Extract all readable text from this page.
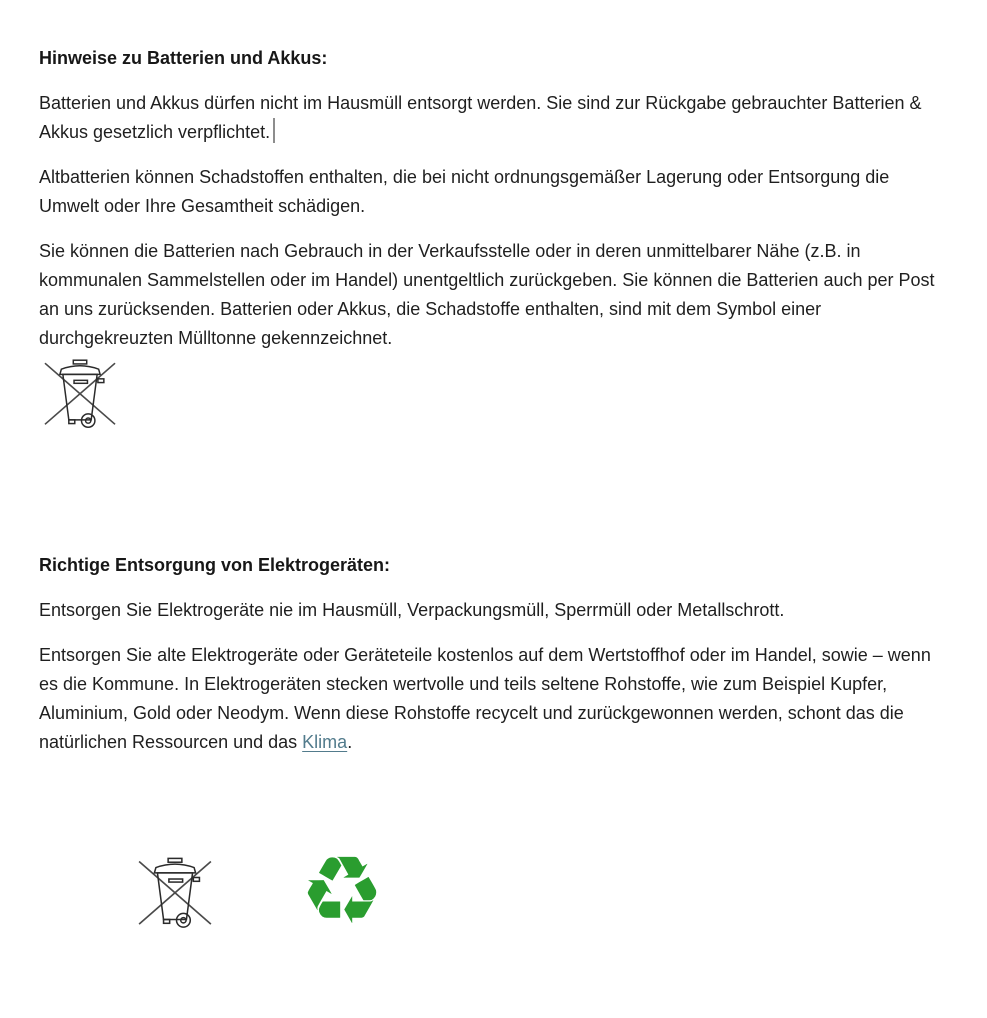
Hinweise zu Batterien und Akkus:

Batterien und Akkus dürfen nicht im Hausmüll entsorgt werden. Sie sind zur Rückgabe gebrauchter Batterien & Akkus gesetzlich verpflichtet.

Altbatterien können Schadstoffen enthalten, die bei nicht ordnungsgemäßer Lagerung oder Entsorgung die Umwelt oder Ihre Gesamtheit schädigen.

Sie können die Batterien nach Gebrauch in der Verkaufsstelle oder in deren unmittelbarer Nähe (z.B. in kommunalen Sammelstellen oder im Handel) unentgeltlich zurückgeben. Sie können die Batterien auch per Post an uns zurücksenden. Batterien oder Akkus, die Schadstoffe enthalten, sind mit dem Symbol einer durchgekreuzten Mülltonne gekennzeichnet.

Richtige Entsorgung von Elektrogeräten:

Entsorgen Sie Elektrogeräte nie im Hausmüll, Verpackungsmüll, Sperrmüll oder Metallschrott.

Entsorgen Sie alte Elektrogeräte oder Geräteteile kostenlos auf dem Wertstoffhof oder im Handel, sowie – wenn es die Kommune. In Elektrogeräten stecken wertvolle und teils seltene Rohstoffe, wie zum Beispiel Kupfer, Aluminium, Gold oder Neodym. Wenn diese Rohstoffe recycelt und zurückgewonnen werden, schont das die natürlichen Ressourcen und das Klima.

♻
